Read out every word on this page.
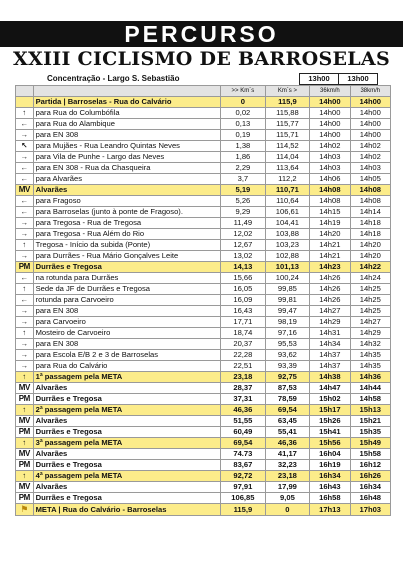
PERCURSO
XXIII CICLISMO DE BARROSELAS
Concentração - Largo S. Sebastião	13h00	13h00
		>> Km´s	Km´s >	36km/h	38km/h
	Partida | Barroselas - Rua do Calvário	0	115,9	14h00	14h00
↑	para Rua do Columbófila	0,02	115,88	14h00	14h00
←	para Rua do Alambique	0,13	115,77	14h00	14h00
→	para EN 308	0,19	115,71	14h00	14h00
↖	para Mujães - Rua Leandro Quintas Neves	1,38	114,52	14h02	14h02
→	para Vila de Punhe - Largo das Neves	1,86	114,04	14h03	14h02
←	para EN 308 - Rua da Chasqueira	2,29	113,64	14h03	14h03
←	para Alvarães	3,7	112,2	14h06	14h05
MV	Alvarães	5,19	110,71	14h08	14h08
←	para Fragoso	5,26	110,64	14h08	14h08
←	para Barroselas (junto à ponte de Fragoso).	9,29	106,61	14h15	14h14
→	para Tregosa - Rua de Tregosa	11,49	104,41	14h19	14h18
→	para Tregosa - Rua Além do Rio	12,02	103,88	14h20	14h18
↑	Tregosa - Início da subida (Ponte)	12,67	103,23	14h21	14h20
→	para Durrães - Rua Mário Gonçalves Leite	13,02	102,88	14h21	14h20
PM	Durrães e Tregosa	14,13	101,13	14h23	14h22
←	na rotunda para Durrães	15,66	100,24	14h26	14h24
↑	Sede da JF de Durrães e Tregosa	16,05	99,85	14h26	14h25
←	rotunda para Carvoeiro	16,09	99,81	14h26	14h25
→	para EN 308	16,43	99,47	14h27	14h25
→	para Carvoeiro	17,71	98,19	14h29	14h27
↑	Mosteiro de Carvoeiro	18,74	97,16	14h31	14h29
→	para EN 308	20,37	95,53	14h34	14h32
→	para Escola E/B 2 e 3 de Barroselas	22,28	93,62	14h37	14h35
→	para Rua do Calvário	22,51	93,39	14h37	14h35
↑	1ª passagem pela META	23,18	92,75	14h38	14h36
MV	Alvarães	28,37	87,53	14h47	14h44
PM	Durrães e Tregosa	37,31	78,59	15h02	14h58
↑	2ª passagem pela META	46,36	69,54	15h17	15h13
MV	Alvarães	51,55	63,45	15h26	15h21
PM	Durrães e Tregosa	60,49	55,41	15h41	15h35
↑	3ª passagem pela META	69,54	46,36	15h56	15h49
MV	Alvarães	74.73	41,17	16h04	15h58
PM	Durrães e Tregosa	83,67	32,23	16h19	16h12
↑	4ª passagem pela META	92,72	23,18	16h34	16h26
MV	Alvarães	97,91	17,99	16h43	16h34
PM	Durrães e Tregosa	106,85	9,05	16h58	16h48
⚑	META | Rua do Calvário - Barroselas	115,9	0	17h13	17h03
